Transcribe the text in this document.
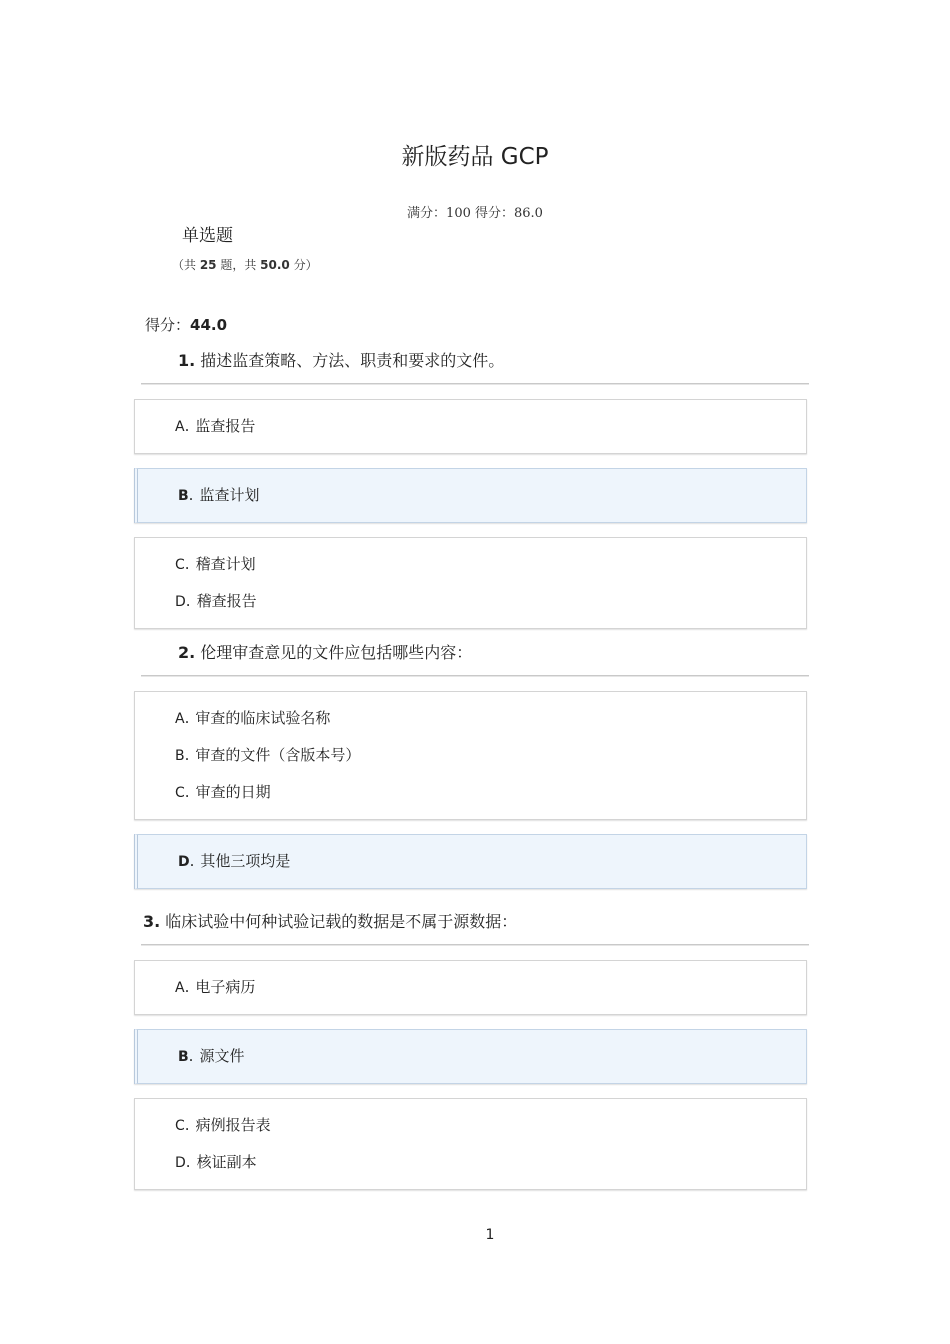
新版药品 GCP
满分：100 得分：86.0
单选题
（共 25 题，共 50.0 分）
得分：44.0
1. 描述监查策略、方法、职责和要求的文件。
A. 监查报告
B. 监查计划
C. 稽查计划
D. 稽查报告
2. 伦理审查意见的文件应包括哪些内容：
A. 审查的临床试验名称
B. 审查的文件（含版本号）
C. 审查的日期
D. 其他三项均是
3. 临床试验中何种试验记载的数据是不属于源数据：
A. 电子病历
B. 源文件
C. 病例报告表
D. 核证副本
1
